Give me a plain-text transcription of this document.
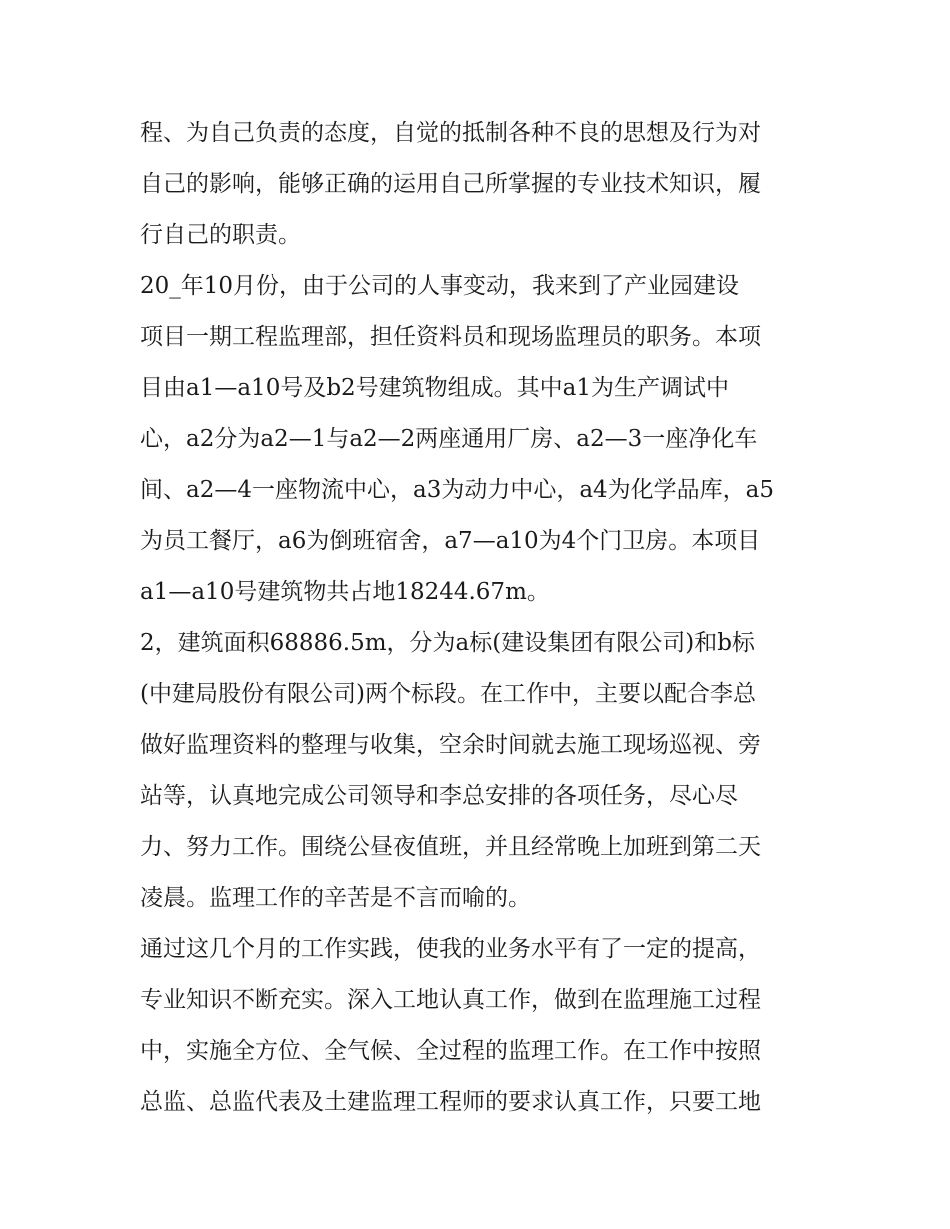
程、为自己负责的态度，自觉的抵制各种不良的思想及行为对
自己的影响，能够正确的运用自己所掌握的专业技术知识，履
行自己的职责。
20_年10月份，由于公司的人事变动，我来到了产业园建设
项目一期工程监理部，担任资料员和现场监理员的职务。本项
目由a1—a10号及b2号建筑物组成。其中a1为生产调试中
心，a2分为a2—1与a2—2两座通用厂房、a2—3一座净化车
间、a2—4一座物流中心，a3为动力中心，a4为化学品库，a5
为员工餐厅，a6为倒班宿舍，a7—a10为4个门卫房。本项目
a1—a10号建筑物共占地18244.67m。
2，建筑面积68886.5m，分为a标(建设集团有限公司)和b标
(中建局股份有限公司)两个标段。在工作中，主要以配合李总
做好监理资料的整理与收集，空余时间就去施工现场巡视、旁
站等，认真地完成公司领导和李总安排的各项任务，尽心尽
力、努力工作。围绕公昼夜值班，并且经常晚上加班到第二天
凌晨。监理工作的辛苦是不言而喻的。
通过这几个月的工作实践，使我的业务水平有了一定的提高，
专业知识不断充实。深入工地认真工作，做到在监理施工过程
中，实施全方位、全气候、全过程的监理工作。在工作中按照
总监、总监代表及土建监理工程师的要求认真工作，只要工地
